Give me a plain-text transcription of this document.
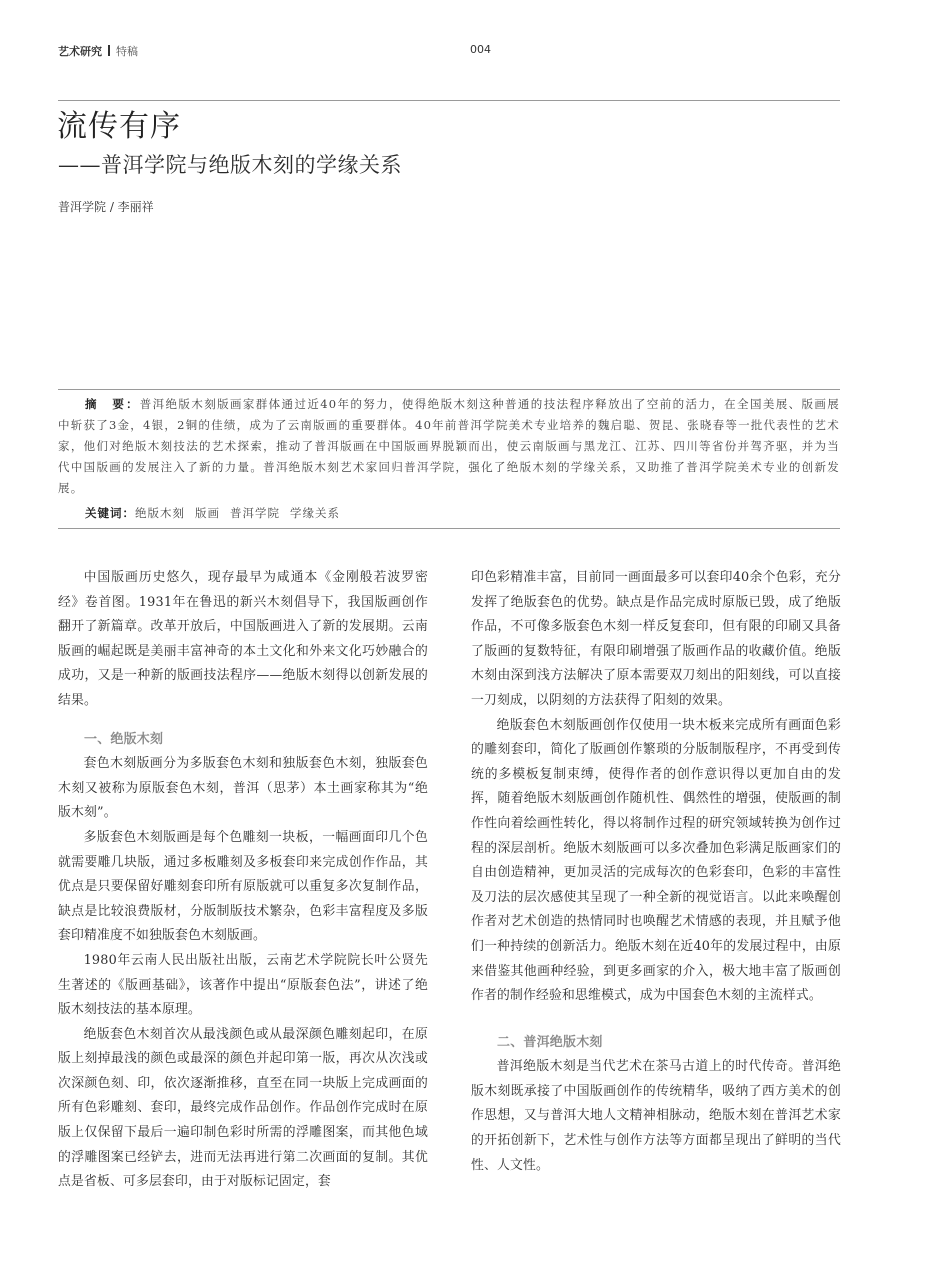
艺术研究 特稿	004
流传有序
——普洱学院与绝版木刻的学缘关系
普洱学院 / 李丽祥
摘　要：普洱绝版木刻版画家群体通过近40年的努力，使得绝版木刻这种普通的技法程序释放出了空前的活力，在全国美展、版画展中斩获了3金，4银，2铜的佳绩，成为了云南版画的重要群体。40年前普洱学院美术专业培养的魏启聪、贺昆、张晓春等一批代表性的艺术家，他们对绝版木刻技法的艺术探索，推动了普洱版画在中国版画界脱颖而出，使云南版画与黑龙江、江苏、四川等省份并驾齐驱，并为当代中国版画的发展注入了新的力量。普洱绝版木刻艺术家回归普洱学院，强化了绝版木刻的学缘关系，又助推了普洱学院美术专业的创新发展。
关键词：绝版木刻 版画 普洱学院 学缘关系

中国版画历史悠久，现存最早为咸通本《金刚般若波罗密经》卷首图。1931年在鲁迅的新兴木刻倡导下，我国版画创作翻开了新篇章。改革开放后，中国版画进入了新的发展期。云南版画的崛起既是美丽丰富神奇的本土文化和外来文化巧妙融合的成功，又是一种新的版画技法程序——绝版木刻得以创新发展的结果。

一、绝版木刻

套色木刻版画分为多版套色木刻和独版套色木刻，独版套色木刻又被称为原版套色木刻，普洱（思茅）本土画家称其为“绝版木刻”。

多版套色木刻版画是每个色雕刻一块板，一幅画面印几个色就需要雕几块版，通过多板雕刻及多板套印来完成创作作品，其优点是只要保留好雕刻套印所有原版就可以重复多次复制作品，缺点是比较浪费版材，分版制版技术繁杂，色彩丰富程度及多版套印精准度不如独版套色木刻版画。

1980年云南人民出版社出版，云南艺术学院院长叶公贤先生著述的《版画基础》，该著作中提出“原版套色法”，讲述了绝版木刻技法的基本原理。

绝版套色木刻首次从最浅颜色或从最深颜色雕刻起印，在原版上刻掉最浅的颜色或最深的颜色并起印第一版，再次从次浅或次深颜色刻、印，依次逐渐推移，直至在同一块版上完成画面的所有色彩雕刻、套印，最终完成作品创作。作品创作完成时在原版上仅保留下最后一遍印制色彩时所需的浮雕图案，而其他色域的浮雕图案已经铲去，进而无法再进行第二次画面的复制。其优点是省板、可多层套印，由于对版标记固定，套

印色彩精准丰富，目前同一画面最多可以套印40余个色彩，充分发挥了绝版套色的优势。缺点是作品完成时原版已毁，成了绝版作品，不可像多版套色木刻一样反复套印，但有限的印刷又具备了版画的复数特征，有限印刷增强了版画作品的收藏价值。绝版木刻由深到浅方法解决了原本需要双刀刻出的阳刻线，可以直接一刀刻成，以阴刻的方法获得了阳刻的效果。

绝版套色木刻版画创作仅使用一块木板来完成所有画面色彩的雕刻套印，简化了版画创作繁琐的分版制版程序，不再受到传统的多模板复制束缚，使得作者的创作意识得以更加自由的发挥，随着绝版木刻版画创作随机性、偶然性的增强，使版画的制作性向着绘画性转化，得以将制作过程的研究领域转换为创作过程的深层剖析。绝版木刻版画可以多次叠加色彩满足版画家们的自由创造精神，更加灵活的完成每次的色彩套印，色彩的丰富性及刀法的层次感使其呈现了一种全新的视觉语言。以此来唤醒创作者对艺术创造的热情同时也唤醒艺术情感的表现，并且赋予他们一种持续的创新活力。绝版木刻在近40年的发展过程中，由原来借鉴其他画种经验，到更多画家的介入，极大地丰富了版画创作者的制作经验和思维模式，成为中国套色木刻的主流样式。

二、普洱绝版木刻

普洱绝版木刻是当代艺术在茶马古道上的时代传奇。普洱绝版木刻既承接了中国版画创作的传统精华，吸纳了西方美术的创作思想，又与普洱大地人文精神相脉动，绝版木刻在普洱艺术家的开拓创新下，艺术性与创作方法等方面都呈现出了鲜明的当代性、人文性。
